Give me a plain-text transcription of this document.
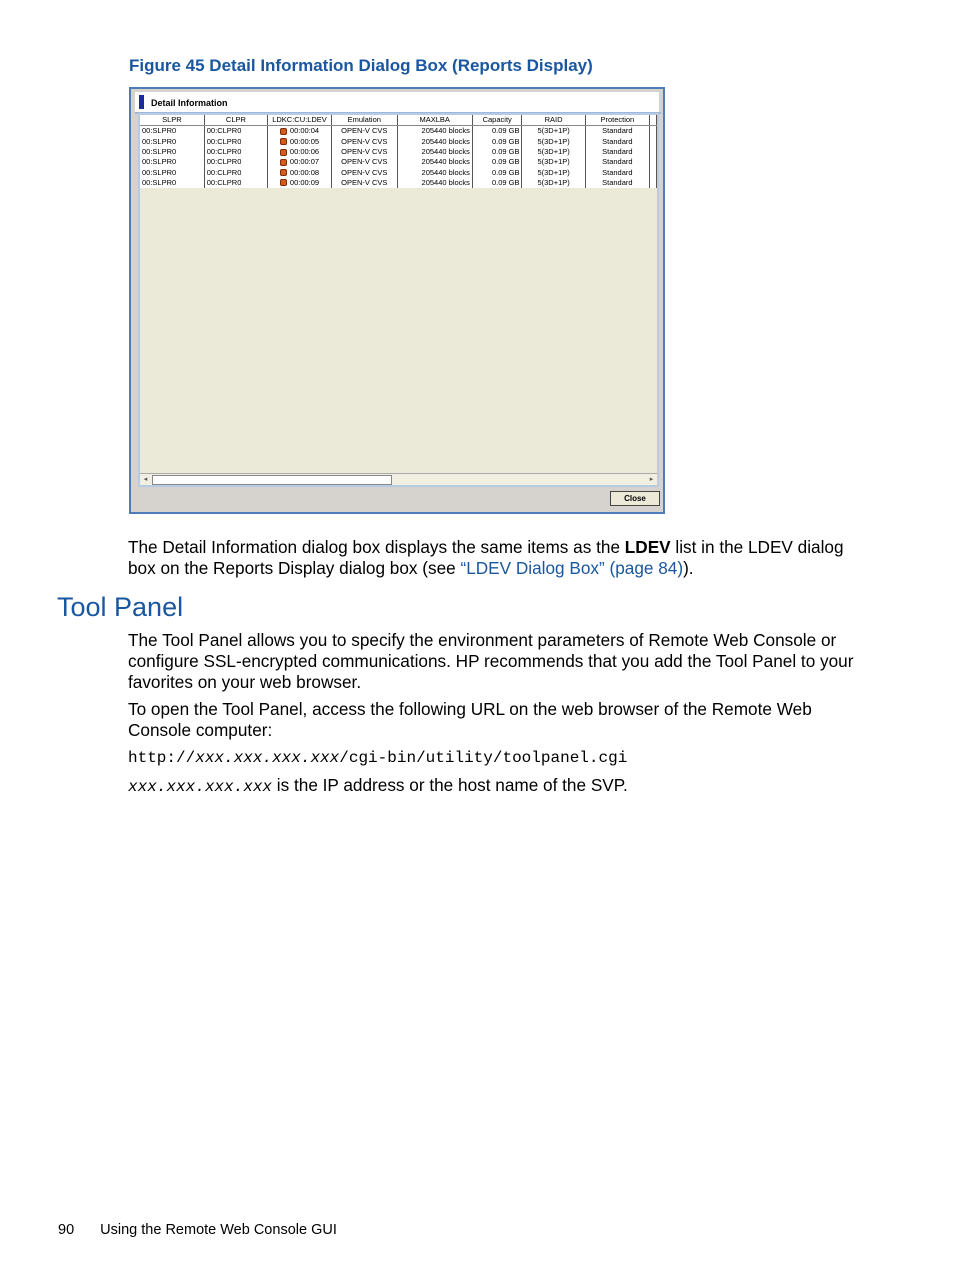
Figure 45 Detail Information Dialog Box (Reports Display)
Detail Information
SLPR	CLPR	LDKC:CU:LDEV	Emulation	MAXLBA	Capacity	RAID	Protection	
00:SLPR0	00:CLPR0	00:00:04	OPEN-V CVS	205440 blocks	0.09 GB	5(3D+1P)	Standard	
00:SLPR0	00:CLPR0	00:00:05	OPEN-V CVS	205440 blocks	0.09 GB	5(3D+1P)	Standard	
00:SLPR0	00:CLPR0	00:00:06	OPEN-V CVS	205440 blocks	0.09 GB	5(3D+1P)	Standard	
00:SLPR0	00:CLPR0	00:00:07	OPEN-V CVS	205440 blocks	0.09 GB	5(3D+1P)	Standard	
00:SLPR0	00:CLPR0	00:00:08	OPEN-V CVS	205440 blocks	0.09 GB	5(3D+1P)	Standard	
00:SLPR0	00:CLPR0	00:00:09	OPEN-V CVS	205440 blocks	0.09 GB	5(3D+1P)	Standard	
◂	▸
Close
The Detail Information dialog box displays the same items as the LDEV list in the LDEV dialog box on the Reports Display dialog box (see “LDEV Dialog Box” (page 84)).
Tool Panel
The Tool Panel allows you to specify the environment parameters of Remote Web Console or configure SSL-encrypted communications. HP recommends that you add the Tool Panel to your favorites on your web browser.
To open the Tool Panel, access the following URL on the web browser of the Remote Web Console computer:
http://xxx.xxx.xxx.xxx/cgi-bin/utility/toolpanel.cgi
xxx.xxx.xxx.xxx is the IP address or the host name of the SVP.
90 Using the Remote Web Console GUI
